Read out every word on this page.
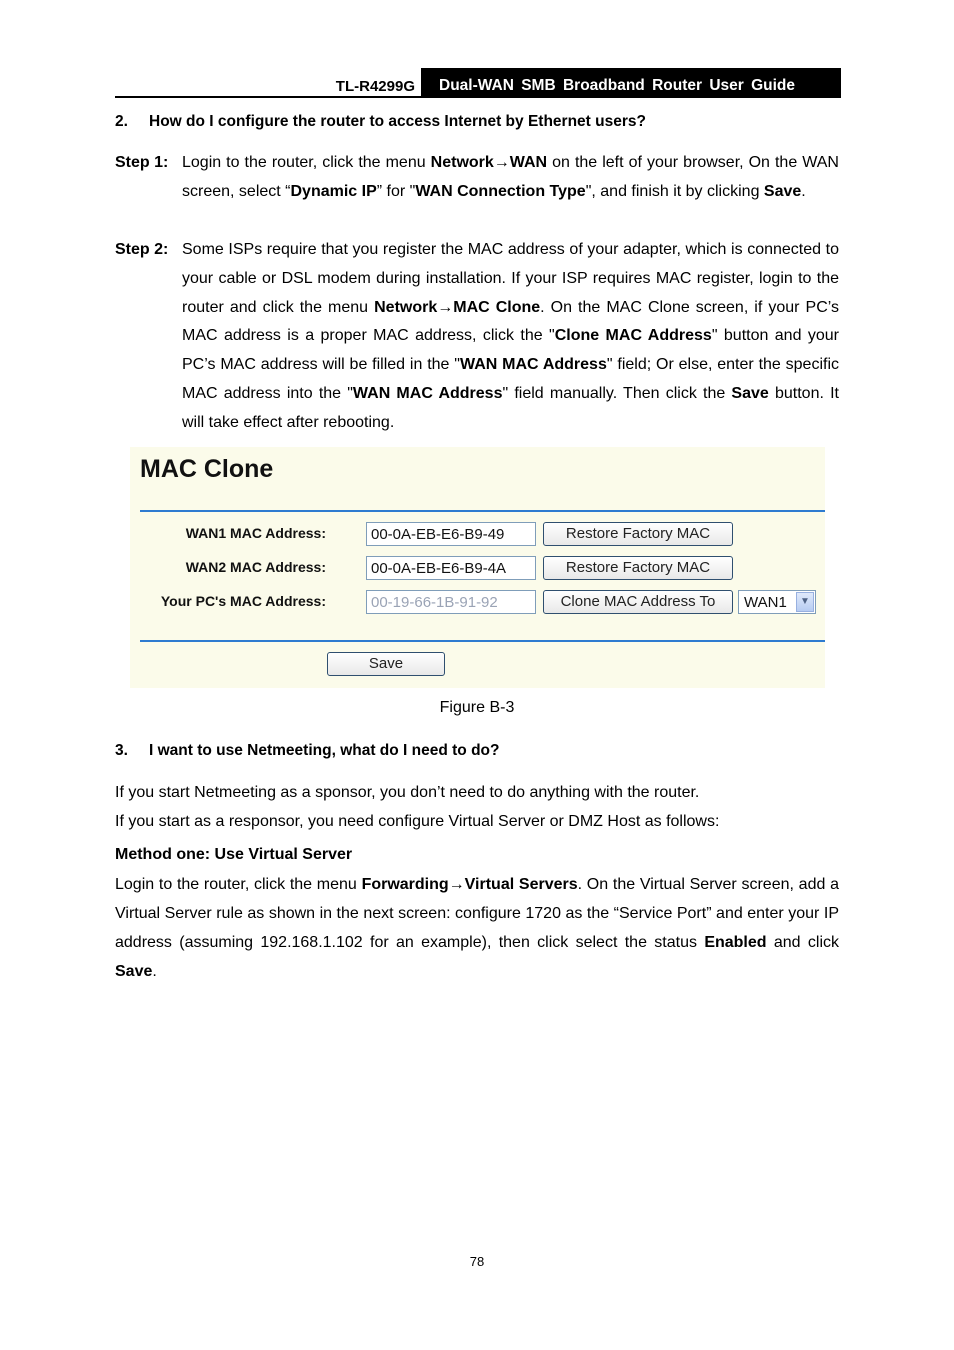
TL-R4299G	Dual-WAN SMB Broadband Router User Guide
2. How do I configure the router to access Internet by Ethernet users?
Step 1: Login to the router, click the menu Network→WAN on the left of your browser, On the WAN screen, select “Dynamic IP” for "WAN Connection Type", and finish it by clicking Save.
Step 2: Some ISPs require that you register the MAC address of your adapter, which is connected to your cable or DSL modem during installation. If your ISP requires MAC register, login to the router and click the menu Network→MAC Clone. On the MAC Clone screen, if your PC’s MAC address is a proper MAC address, click the "Clone MAC Address" button and your PC’s MAC address will be filled in the "WAN MAC Address" field; Or else, enter the specific MAC address into the "WAN MAC Address" field manually. Then click the Save button. It will take effect after rebooting.
MAC Clone
WAN1 MAC Address:	00-0A-EB-E6-B9-49	Restore Factory MAC
WAN2 MAC Address:	00-0A-EB-E6-B9-4A	Restore Factory MAC
Your PC's MAC Address:	00-19-66-1B-91-92	Clone MAC Address To	WAN1	▼
Save
Figure B-3
3. I want to use Netmeeting, what do I need to do?
If you start Netmeeting as a sponsor, you don’t need to do anything with the router.
If you start as a responsor, you need configure Virtual Server or DMZ Host as follows:
Method one: Use Virtual Server
Login to the router, click the menu Forwarding→Virtual Servers. On the Virtual Server screen, add a Virtual Server rule as shown in the next screen: configure 1720 as the “Service Port” and enter your IP address (assuming 192.168.1.102 for an example), then click select the status Enabled and click Save.
78
